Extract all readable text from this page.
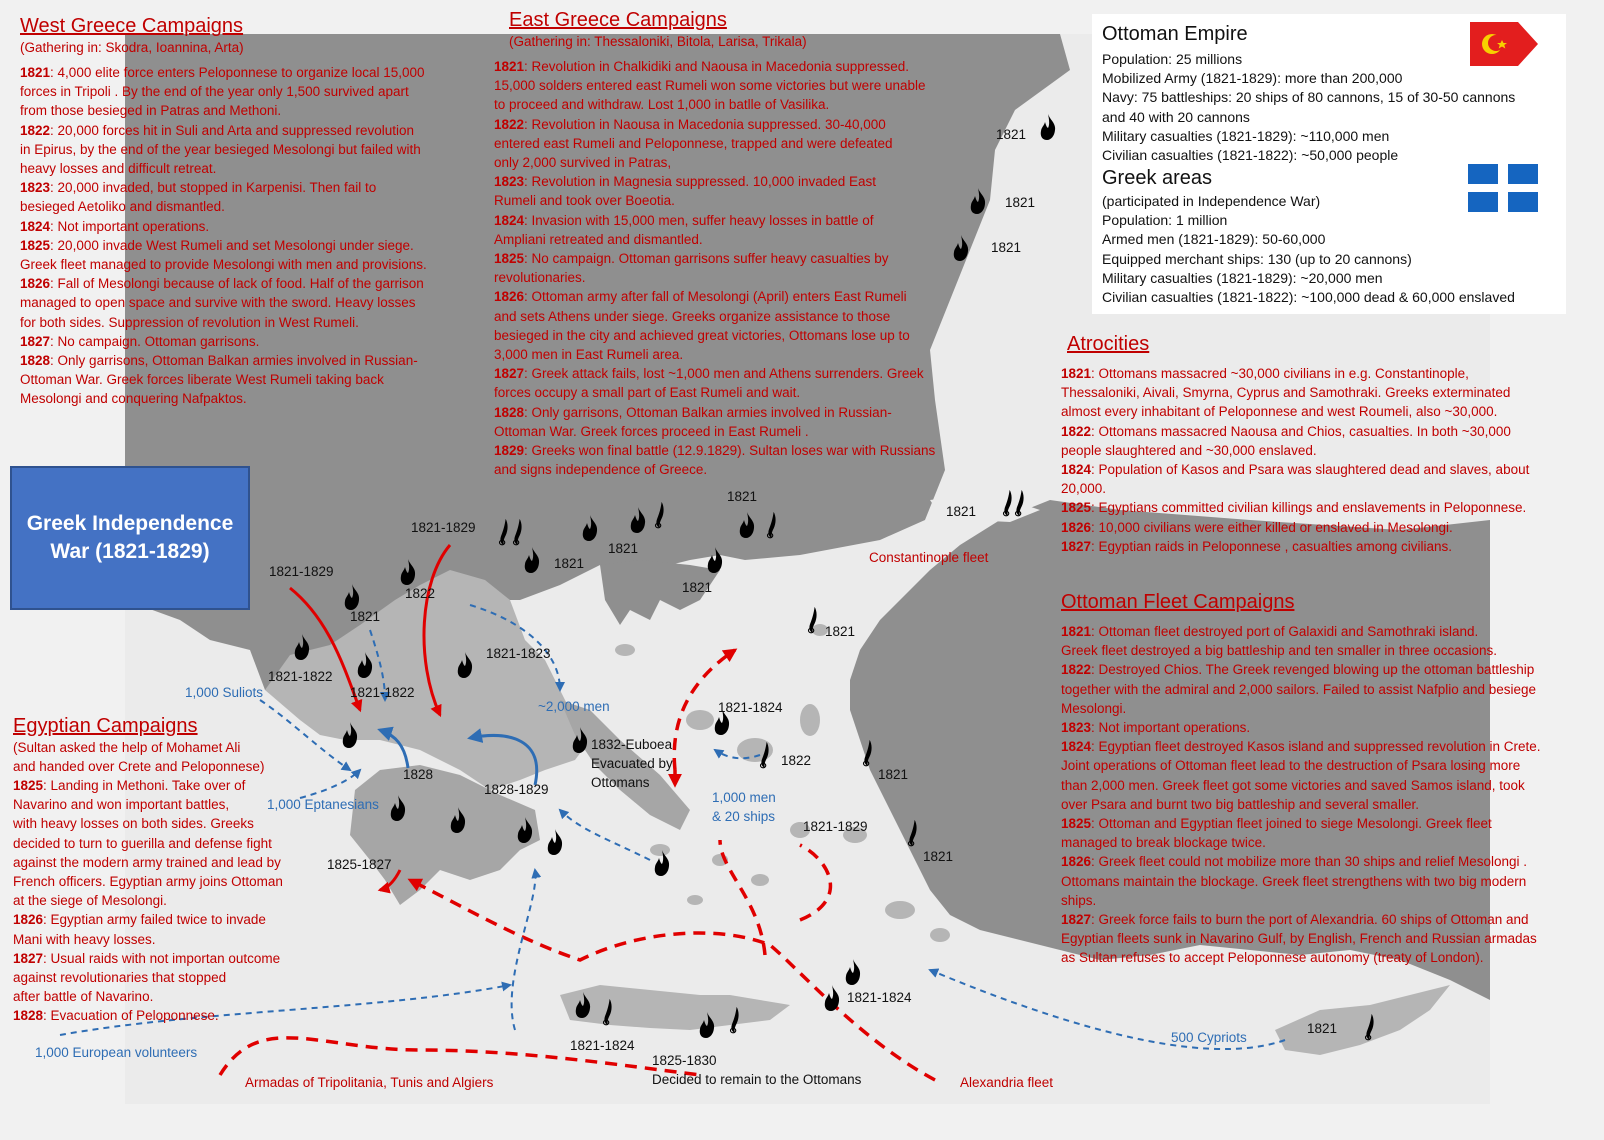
West Greece Campaigns
(Gathering in: Skodra, Ioannina, Arta)
1821: 4,000 elite force enters Peloponnese to organize local 15,000
forces in Tripoli . By the end of the year only 1,500 survived apart
from those besieged in Patras and Methoni.
1822: 20,000 forces hit in Suli and Arta and suppressed revolution
in Epirus, by the end of the year besieged Mesolongi but failed with
heavy losses and difficult retreat.
1823: 20,000 invaded, but stopped in Karpenisi. Then fail to
besieged Aetoliko and dismantled.
1824: Not important operations.
1825: 20,000 invade West Rumeli and set Mesolongi under siege.
Greek fleet managed to provide Mesolongi with men and provisions.
1826: Fall of Mesolongi because of lack of food. Half of the garrison
managed to open space and survive with the sword. Heavy losses
for both sides. Suppression of revolution in West Rumeli.
1827: No campaign. Ottoman garrisons.
1828: Only garrisons, Ottoman Balkan armies involved in Russian-
Ottoman War. Greek forces liberate West Rumeli taking back
Mesolongi and conquering Nafpaktos.
East Greece Campaigns
(Gathering in: Thessaloniki, Bitola, Larisa, Trikala)
1821: Revolution in Chalkidiki and Naousa in Macedonia suppressed.
15,000 solders entered east Rumeli won some victories but were unable
to proceed and withdraw. Lost 1,000 in batlle of Vasilika.
1822: Revolution in Naousa in Macedonia suppressed. 30-40,000
entered east Rumeli and Peloponnese, trapped and were defeated
only 2,000 survived in Patras,
1823: Revolution in Magnesia suppressed. 10,000 invaded East
Rumeli and took over Boeotia.
1824: Invasion with 15,000 men, suffer heavy losses in battle of
Ampliani retreated and dismantled.
1825: No campaign. Ottoman garrisons suffer heavy casualties by
revolutionaries.
1826: Ottoman army after fall of Mesolongi (April) enters East Rumeli
and sets Athens under siege. Greeks organize assistance to those
besieged in the city and achieved great victories, Ottomans lose up to
3,000 men in East Rumeli area.
1827: Greek attack fails, lost ~1,000 men and Athens surrenders. Greek
forces occupy a small part of East Rumeli and wait.
1828: Only garrisons, Ottoman Balkan armies involved in Russian-
Ottoman War. Greek forces proceed in East Rumeli .
1829: Greeks won final battle (12.9.1829). Sultan loses war with Russians
and signs independence of Greece.
Ottoman Empire
Population: 25 millions
Mobilized Army (1821-1829): more than 200,000
Navy: 75 battleships: 20 ships of 80 cannons, 15 of 30-50 cannons
and 40 with 20 cannons
Military casualties (1821-1829): ~110,000 men
Civilian casualties (1821-1822): ~50,000 people
Greek areas
(participated in Independence War)
Population: 1 million
Armed men (1821-1829): 50-60,000
Equipped merchant ships: 130 (up to 20 cannons)
Military casualties (1821-1829): ~20,000 men
Civilian casualties (1821-1822): ~100,000 dead & 60,000 enslaved
Atrocities
1821: Ottomans massacred ~30,000 civilians in e.g. Constantinople,
Thessaloniki, Aivali, Smyrna, Cyprus and Samothraki. Greeks exterminated
almost every inhabitant of Peloponnese and west Roumeli, also ~30,000.
1822: Ottomans massacred Naousa and Chios, casualties. In both ~30,000
people slaughtered and ~30,000 enslaved.
1824: Population of Kasos and Psara was slaughtered dead and slaves, about
20,000.
1825: Egyptians committed civilian killings and enslavements in Peloponnese.
1826: 10,000 civilians were either killed or enslaved in Mesolongi.
1827: Egyptian raids in Peloponnese , casualties among civilians.
Ottoman Fleet Campaigns
1821: Ottoman fleet destroyed port of Galaxidi and Samothraki island.
Greek fleet destroyed a big battleship and ten smaller in three occasions.
1822: Destroyed Chios. The Greek revenged blowing up the ottoman battleship
together with the admiral and 2,000 sailors. Failed to assist Nafplio and besiege
Mesolongi.
1823: Not important operations.
1824: Egyptian fleet destroyed Kasos island and suppressed revolution in Crete.
Joint operations of Ottoman fleet lead to the destruction of Psara losing more
than 2,000 men. Greek fleet got some victories and saved Samos island, took
over Psara and burnt two big battleship and several smaller.
1825: Ottoman and Egyptian fleet joined to siege Mesolongi. Greek fleet
managed to break blockage twice.
1826: Greek fleet could not mobilize more than 30 ships and relief Mesolongi .
Ottomans maintain the blockage. Greek fleet strengthens with two big modern
ships.
1827: Greek force fails to burn the port of Alexandria. 60 ships of Ottoman and
Egyptian fleets sunk in Navarino Gulf, by English, French and Russian armadas
as Sultan refuses to accept Peloponnese autonomy (treaty of London).
Egyptian Campaigns
(Sultan asked the help of Mohamet Ali
and handed over Crete and Peloponnese)
1825: Landing in Methoni. Take over of
Navarino and won important battles,
with heavy losses on both sides. Greeks
decided to turn to guerilla and defense fight
against the modern army trained and lead by
French officers. Egyptian army joins Ottoman
at the siege of Mesolongi.
1826: Egyptian army failed twice to invade
Mani with heavy losses.
1827: Usual raids with not importan outcome
against revolutionaries that stopped
after battle of Navarino.
1828: Evacuation of Peloponnese.
Greek Independence War (1821-1829)
1821-1829
1821-1829
1821
1822
1821-1822
1821-1822
1821-1823
1828
1828-1829
1825-1827
1832-Euboea
Evacuated by
Ottomans
1821
1821
1821
1821
1821
1821
1821
1821
1821
1821-1824
1822
1821
1821-1829
1821
1821-1824
1821-1824
1821
1825-1830
Decided to remain to the Ottomans
Constantinople fleet
Alexandria fleet
Armadas of Tripolitania, Tunis and Algiers
1,000 Suliots
1,000 Eptanesians
~2,000 men
1,000 men
& 20 ships
500 Cypriots
1,000 European volunteers
